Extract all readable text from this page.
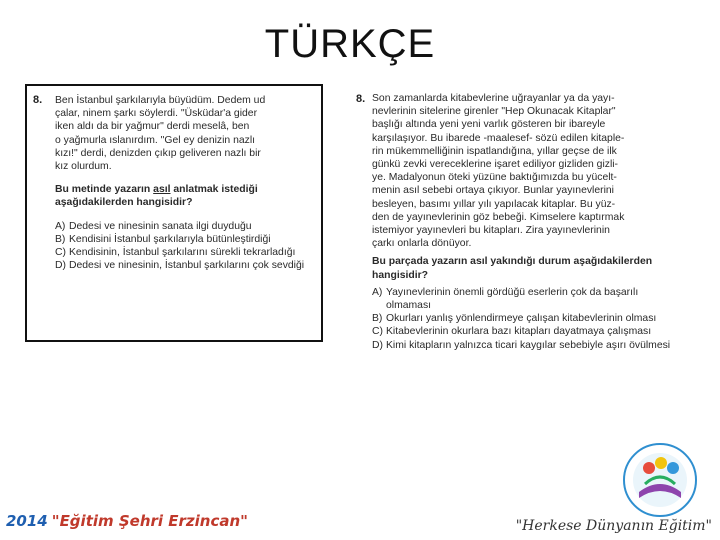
TÜRKÇE
8. Ben İstanbul şarkılarıyla büyüdüm. Dedem ud
çalar, ninem şarkı söylerdi. "Üsküdar'a gider
iken aldı da bir yağmur" derdi meselâ, ben
o yağmurla ıslanırdım. "Gel ey denizin nazlı
kızı!" derdi, denizden çıkıp geliveren nazlı bir
kız olurdum.
Bu metinde yazarın asıl anlatmak istediği aşağıdakilerden hangisidir?
A) Dedesi ve ninesinin sanata ilgi duyduğu
B) Kendisini İstanbul şarkılarıyla bütünleştirdiği
C) Kendisinin, İstanbul şarkılarını sürekli tekrarladığı
D) Dedesi ve ninesinin, İstanbul şarkılarını çok sevdiği
8. Son zamanlarda kitabevlerine uğrayanlar ya da yayı-
nevlerinin sitelerine girenler "Hep Okunacak Kitaplar"
başlığı altında yeni yeni varlık gösteren bir ibareyle
karşılaşıyor. Bu ibarede -maalesef- sözü edilen kitaple-
rin mükemmelliğinin ispatlandığına, yıllar geçse de ilk
günkü zevki vereceklerine işaret ediliyor gizliden gizli-
ye. Madalyonun öteki yüzüne baktığımızda bu yücelt-
menin asıl sebebi ortaya çıkıyor. Bunlar yayınevlerini
besleyen, basımı yıllar yılı yapılacak kitaplar. Bu yüz-
den de yayınevlerinin göz bebeği. Kimselere kaptırmak
istemiyor yayınevleri bu kitapları. Zira yayınevlerinin
çarkı onlarla dönüyor.
Bu parçada yazarın asıl yakındığı durum aşağıdakilerden hangisidir?
A) Yayınevlerinin önemli gördüğü eserlerin çok da başarılı olmaması
B) Okurları yanlış yönlendirmeye çalışan kitabevlerinin olması
C) Kitabevlerinin okurlara bazı kitapları dayatmaya çalışması
D) Kimi kitapların yalnızca ticari kaygılar sebebiyle aşırı övülmesi
2014 "Eğitim Şehri Erzincan"	"Herkese Dünyanın Eğitim"
